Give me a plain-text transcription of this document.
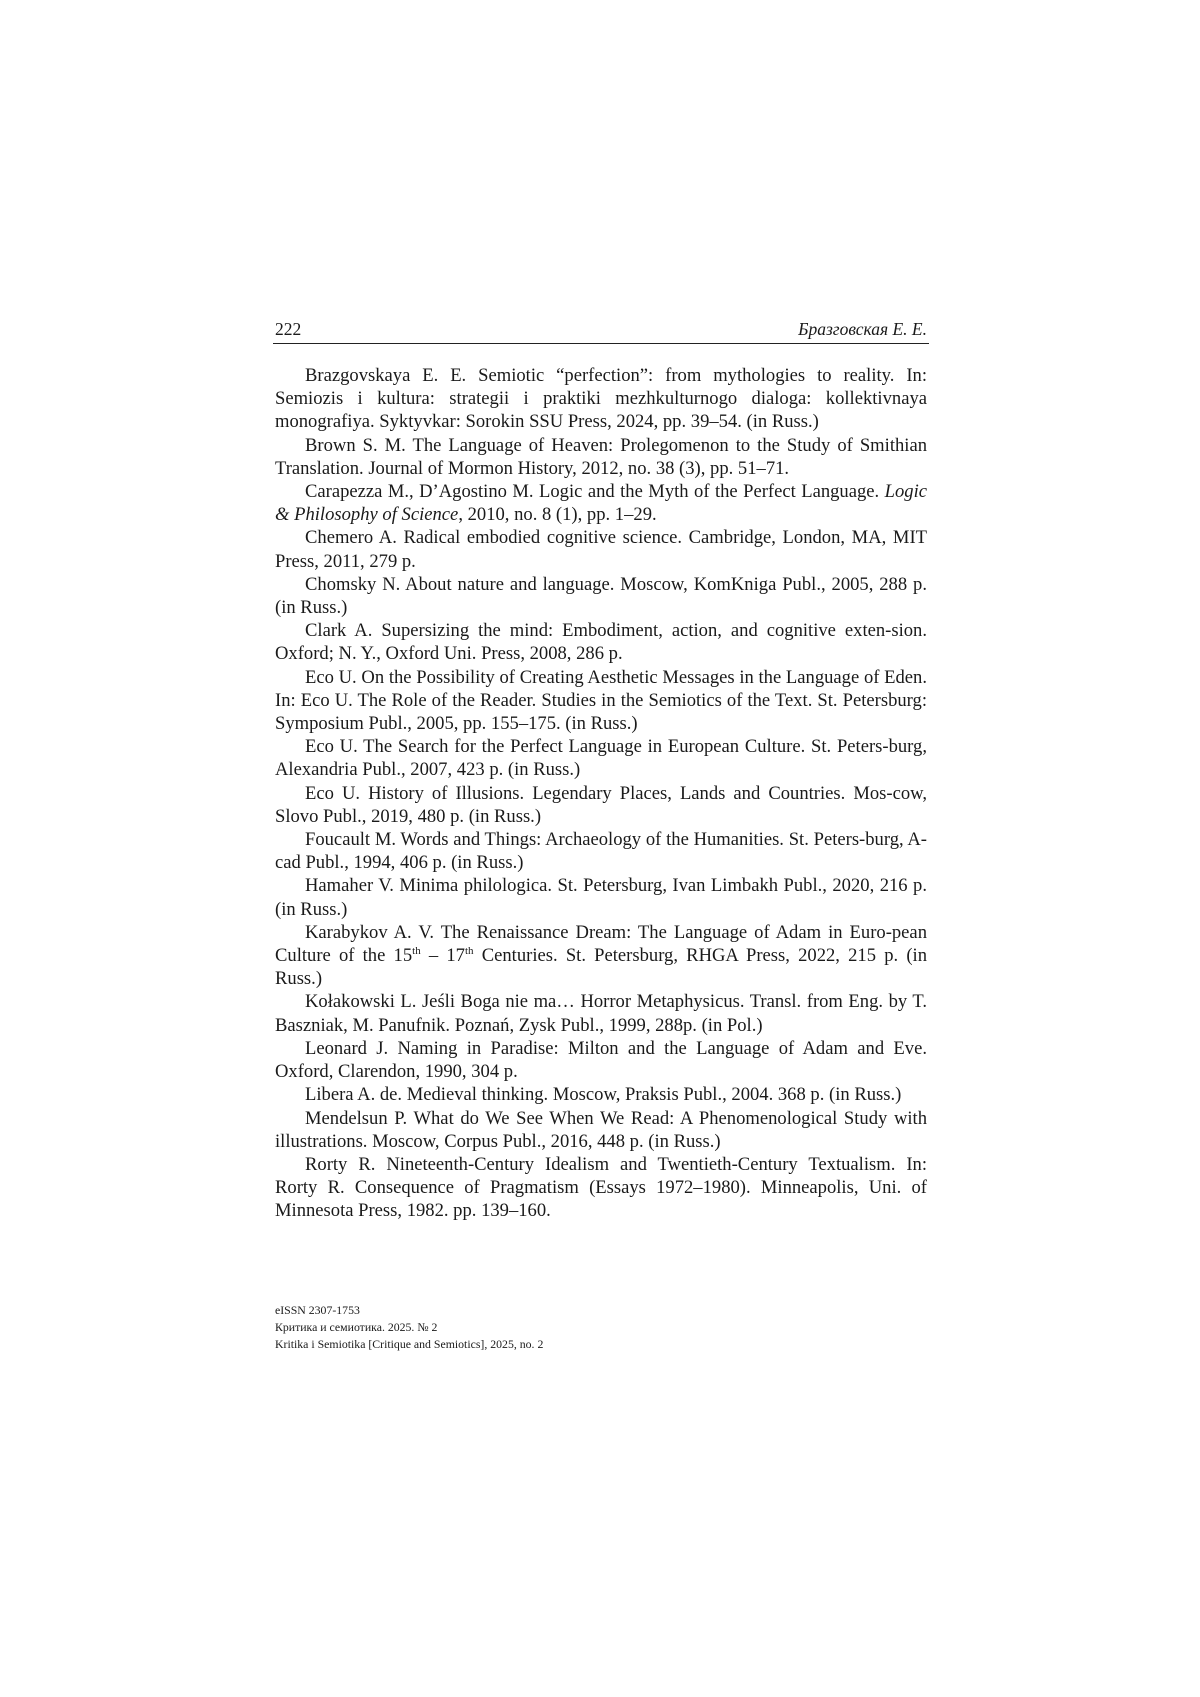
222	Бразговская Е. Е.

Brazgovskaya E. E. Semiotic “perfection”: from mythologies to reality. In: Semiozis i kultura: strategii i praktiki mezhkulturnogo dialoga: kollektivnaya monografiya. Syktyvkar: Sorokin SSU Press, 2024, pp. 39–54. (in Russ.)

Brown S. M. The Language of Heaven: Prolegomenon to the Study of Smithian Translation. Journal of Mormon History, 2012, no. 38 (3), pp. 51–71.

Carapezza M., D’Agostino M. Logic and the Myth of the Perfect Language. Logic & Philosophy of Science, 2010, no. 8 (1), pp. 1–29.

Chemero A. Radical embodied cognitive science. Cambridge, London, MA, MIT Press, 2011, 279 p.

Chomsky N. About nature and language. Moscow, KomKniga Publ., 2005, 288 p. (in Russ.)

Clark A. Supersizing the mind: Embodiment, action, and cognitive exten-sion. Oxford; N. Y., Oxford Uni. Press, 2008, 286 p.

Eco U. On the Possibility of Creating Aesthetic Messages in the Language of Eden. In: Eco U. The Role of the Reader. Studies in the Semiotics of the Text. St. Petersburg: Symposium Publ., 2005, pp. 155–175. (in Russ.)

Eco U. The Search for the Perfect Language in European Culture. St. Peters-burg, Alexandria Publ., 2007, 423 p. (in Russ.)

Eco U. History of Illusions. Legendary Places, Lands and Countries. Mos-cow, Slovo Publ., 2019, 480 p. (in Russ.)

Foucault M. Words and Things: Archaeology of the Humanities. St. Peters-burg, A-cad Publ., 1994, 406 p. (in Russ.)

Hamaher V. Minima philologica. St. Petersburg, Ivan Limbakh Publ., 2020, 216 p. (in Russ.)

Karabykov A. V. The Renaissance Dream: The Language of Adam in Euro-pean Culture of the 15th – 17th Centuries. St. Petersburg, RHGA Press, 2022, 215 p. (in Russ.)

Kołakowski L. Jeśli Boga nie ma… Horror Metaphysicus. Transl. from Eng. by T. Baszniak, M. Panufnik. Poznań, Zysk Publ., 1999, 288p. (in Pol.)

Leonard J. Naming in Paradise: Milton and the Language of Adam and Eve. Oxford, Clarendon, 1990, 304 p.

Libera A. de. Medieval thinking. Moscow, Praksis Publ., 2004. 368 p. (in Russ.)

Mendelsun P. What do We See When We Read: A Phenomenological Study with illustrations. Moscow, Corpus Publ., 2016, 448 p. (in Russ.)

Rorty R. Nineteenth-Century Idealism and Twentieth-Century Textualism. In: Rorty R. Consequence of Pragmatism (Essays 1972–1980). Minneapolis, Uni. of Minnesota Press, 1982. pp. 139–160.

eISSN 2307-1753
Критика и семиотика. 2025. № 2
Kritika i Semiotika [Critique and Semiotics], 2025, no. 2
